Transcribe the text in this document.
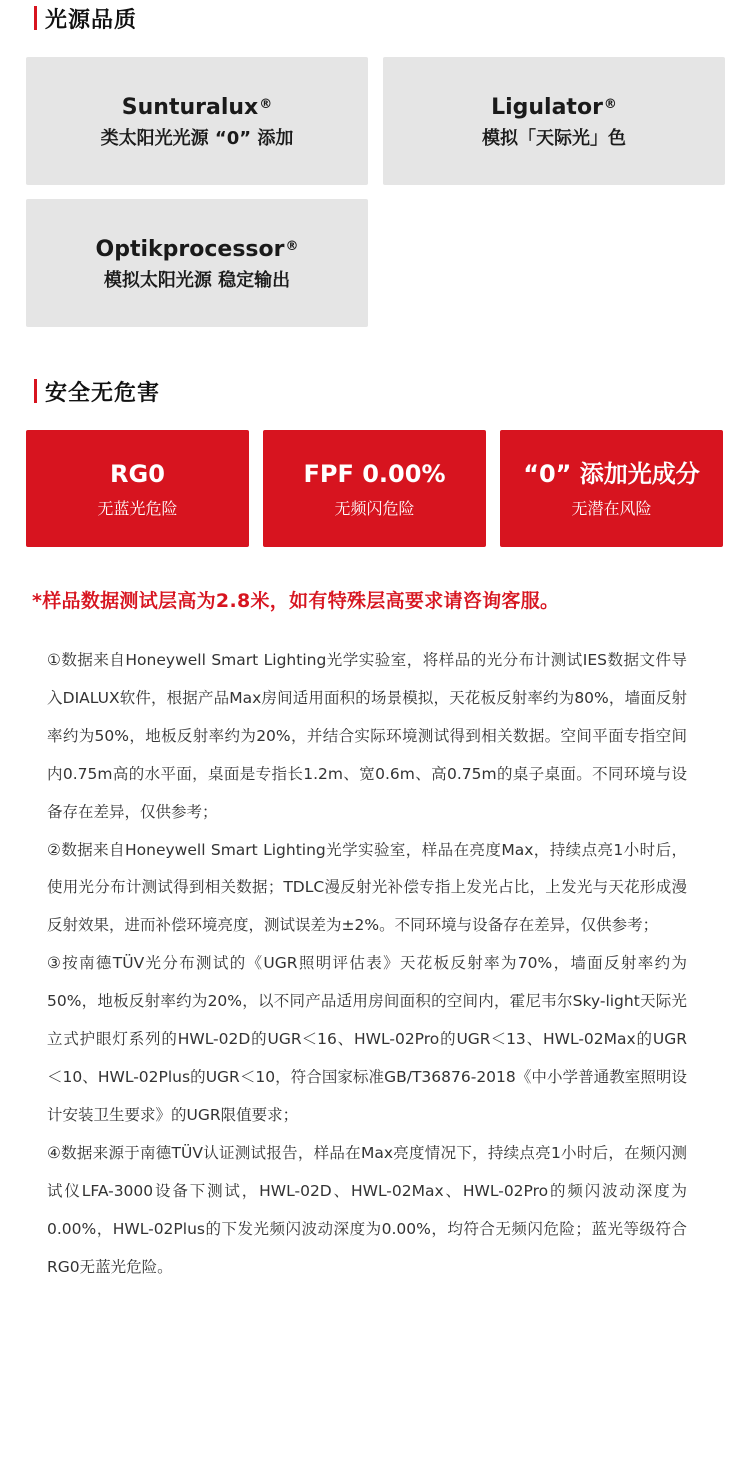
光源品质
Sunturalux®
类太阳光光源 “0” 添加
Ligulator®
模拟「天际光」色
Optikprocessor®
模拟太阳光源 稳定输出
安全无危害
RG0
无蓝光危险
FPF 0.00%
无频闪危险
“0” 添加光成分
无潜在风险
*样品数据测试层高为2.8米，如有特殊层高要求请咨询客服。
①数据来自Honeywell Smart Lighting光学实验室，将样品的光分布计测试IES数据文件导入DIALUX软件，根据产品Max房间适用面积的场景模拟，天花板反射率约为80%，墙面反射率约为50%，地板反射率约为20%，并结合实际环境测试得到相关数据。空间平面专指空间内0.75m高的水平面，桌面是专指长1.2m、宽0.6m、高0.75m的桌子桌面。不同环境与设备存在差异，仅供参考；
②数据来自Honeywell Smart Lighting光学实验室，样品在亮度Max，持续点亮1小时后，使用光分布计测试得到相关数据；TDLC漫反射光补偿专指上发光占比，上发光与天花形成漫反射效果，进而补偿环境亮度，测试误差为±2%。不同环境与设备存在差异，仅供参考；
③按南德TÜV光分布测试的《UGR照明评估表》天花板反射率为70%，墙面反射率约为50%，地板反射率约为20%，以不同产品适用房间面积的空间内，霍尼韦尔Sky-light天际光立式护眼灯系列的HWL-02D的UGR＜16、HWL-02Pro的UGR＜13、HWL-02Max的UGR＜10、HWL-02Plus的UGR＜10，符合国家标准GB/T36876-2018《中小学普通教室照明设计安装卫生要求》的UGR限值要求；
④数据来源于南德TÜV认证测试报告，样品在Max亮度情况下，持续点亮1小时后，在频闪测试仪LFA-3000设备下测试，HWL-02D、HWL-02Max、HWL-02Pro的频闪波动深度为0.00%，HWL-02Plus的下发光频闪波动深度为0.00%，均符合无频闪危险；蓝光等级符合RG0无蓝光危险。
